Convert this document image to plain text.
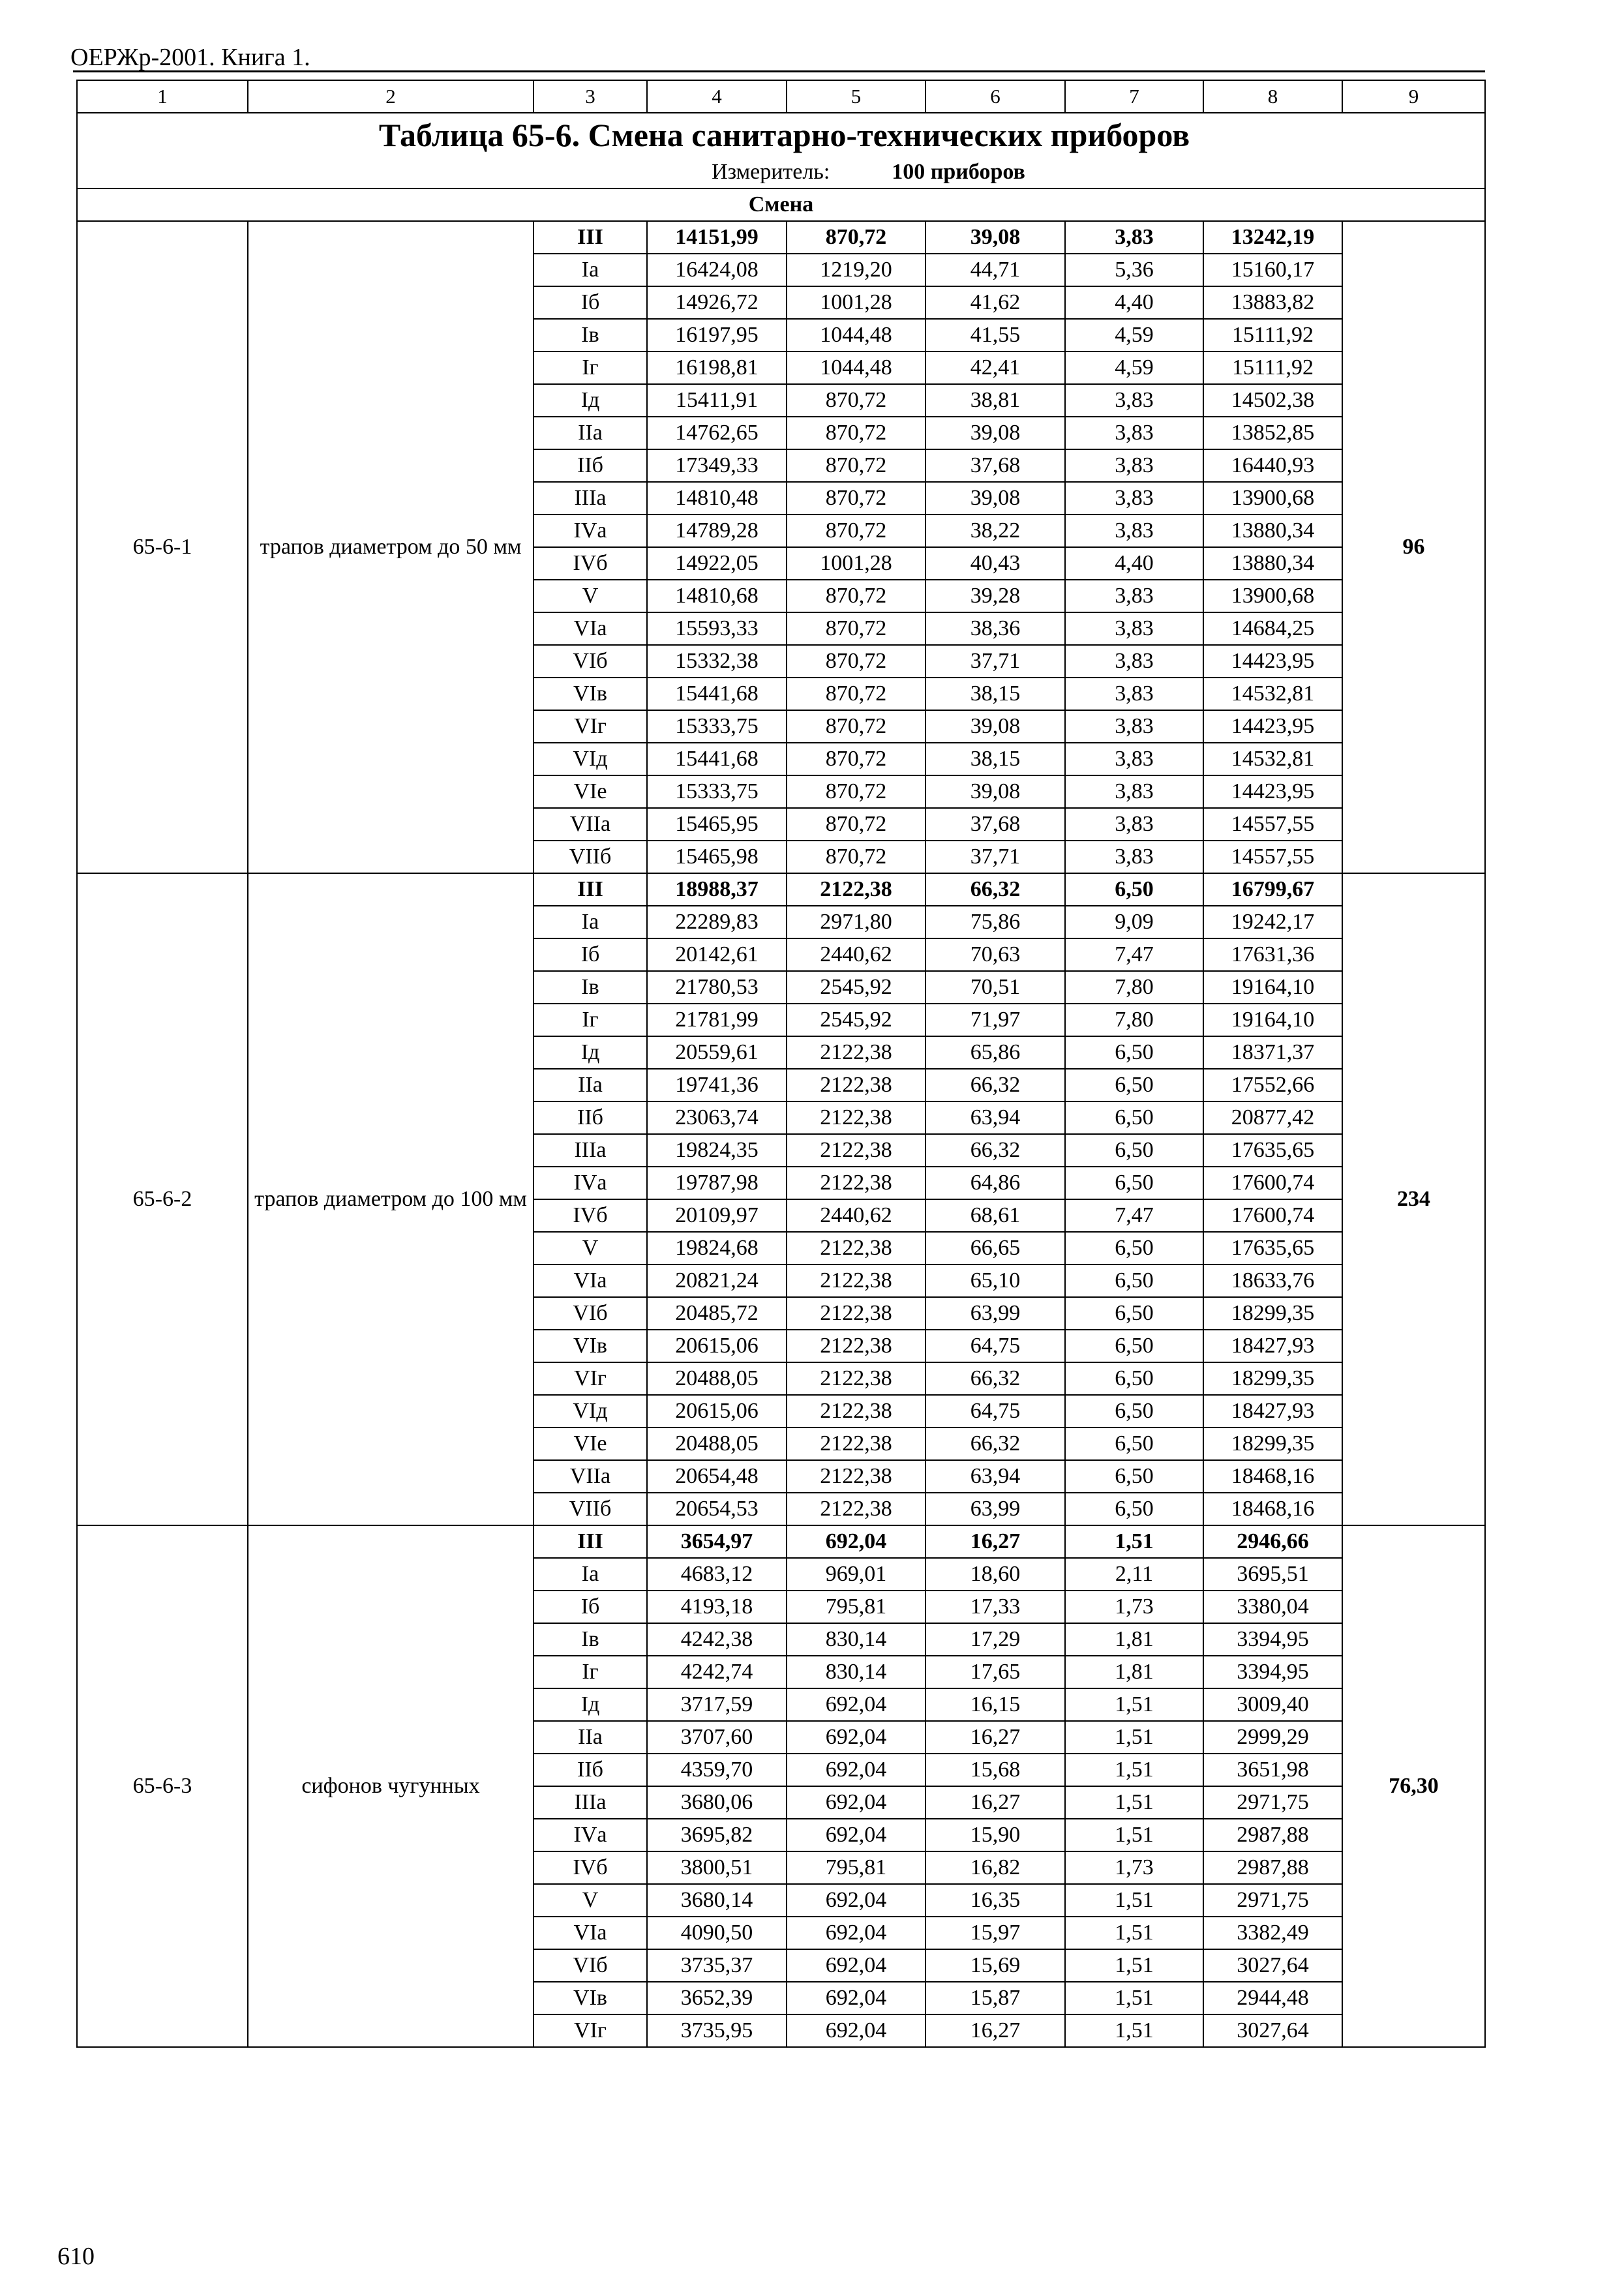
ОЕРЖр-2001. Книга 1.
1	2	3	4	5	6	7	8	9

Таблица 65-6. Смена санитарно-технических приборов
Измеритель: 100 приборов								

Смена								
65-6-1	трапов диаметром до 50 мм	III	14151,99	870,72	39,08	3,83	13242,19	96
		Iа	16424,08	1219,20	44,71	5,36	15160,17	
		Iб	14926,72	1001,28	41,62	4,40	13883,82	
		Iв	16197,95	1044,48	41,55	4,59	15111,92	
		Iг	16198,81	1044,48	42,41	4,59	15111,92	
		Iд	15411,91	870,72	38,81	3,83	14502,38	
		IIа	14762,65	870,72	39,08	3,83	13852,85	
		IIб	17349,33	870,72	37,68	3,83	16440,93	
		IIIа	14810,48	870,72	39,08	3,83	13900,68	
		IVа	14789,28	870,72	38,22	3,83	13880,34	
		IVб	14922,05	1001,28	40,43	4,40	13880,34	
		V	14810,68	870,72	39,28	3,83	13900,68	
		VIа	15593,33	870,72	38,36	3,83	14684,25	
		VIб	15332,38	870,72	37,71	3,83	14423,95	
		VIв	15441,68	870,72	38,15	3,83	14532,81	
		VIг	15333,75	870,72	39,08	3,83	14423,95	
		VIд	15441,68	870,72	38,15	3,83	14532,81	
		VIе	15333,75	870,72	39,08	3,83	14423,95	
		VIIа	15465,95	870,72	37,68	3,83	14557,55	
		VIIб	15465,98	870,72	37,71	3,83	14557,55	
65-6-2	трапов диаметром до 100 мм	III	18988,37	2122,38	66,32	6,50	16799,67	234
		Iа	22289,83	2971,80	75,86	9,09	19242,17	
		Iб	20142,61	2440,62	70,63	7,47	17631,36	
		Iв	21780,53	2545,92	70,51	7,80	19164,10	
		Iг	21781,99	2545,92	71,97	7,80	19164,10	
		Iд	20559,61	2122,38	65,86	6,50	18371,37	
		IIа	19741,36	2122,38	66,32	6,50	17552,66	
		IIб	23063,74	2122,38	63,94	6,50	20877,42	
		IIIа	19824,35	2122,38	66,32	6,50	17635,65	
		IVа	19787,98	2122,38	64,86	6,50	17600,74	
		IVб	20109,97	2440,62	68,61	7,47	17600,74	
		V	19824,68	2122,38	66,65	6,50	17635,65	
		VIа	20821,24	2122,38	65,10	6,50	18633,76	
		VIб	20485,72	2122,38	63,99	6,50	18299,35	
		VIв	20615,06	2122,38	64,75	6,50	18427,93	
		VIг	20488,05	2122,38	66,32	6,50	18299,35	
		VIд	20615,06	2122,38	64,75	6,50	18427,93	
		VIе	20488,05	2122,38	66,32	6,50	18299,35	
		VIIа	20654,48	2122,38	63,94	6,50	18468,16	
		VIIб	20654,53	2122,38	63,99	6,50	18468,16	
65-6-3	сифонов чугунных	III	3654,97	692,04	16,27	1,51	2946,66	76,30
		Iа	4683,12	969,01	18,60	2,11	3695,51	
		Iб	4193,18	795,81	17,33	1,73	3380,04	
		Iв	4242,38	830,14	17,29	1,81	3394,95	
		Iг	4242,74	830,14	17,65	1,81	3394,95	
		Iд	3717,59	692,04	16,15	1,51	3009,40	
		IIа	3707,60	692,04	16,27	1,51	2999,29	
		IIб	4359,70	692,04	15,68	1,51	3651,98	
		IIIа	3680,06	692,04	16,27	1,51	2971,75	
		IVа	3695,82	692,04	15,90	1,51	2987,88	
		IVб	3800,51	795,81	16,82	1,73	2987,88	
		V	3680,14	692,04	16,35	1,51	2971,75	
		VIа	4090,50	692,04	15,97	1,51	3382,49	
		VIб	3735,37	692,04	15,69	1,51	3027,64	
		VIв	3652,39	692,04	15,87	1,51	2944,48	
		VIг	3735,95	692,04	16,27	1,51	3027,64	
610
